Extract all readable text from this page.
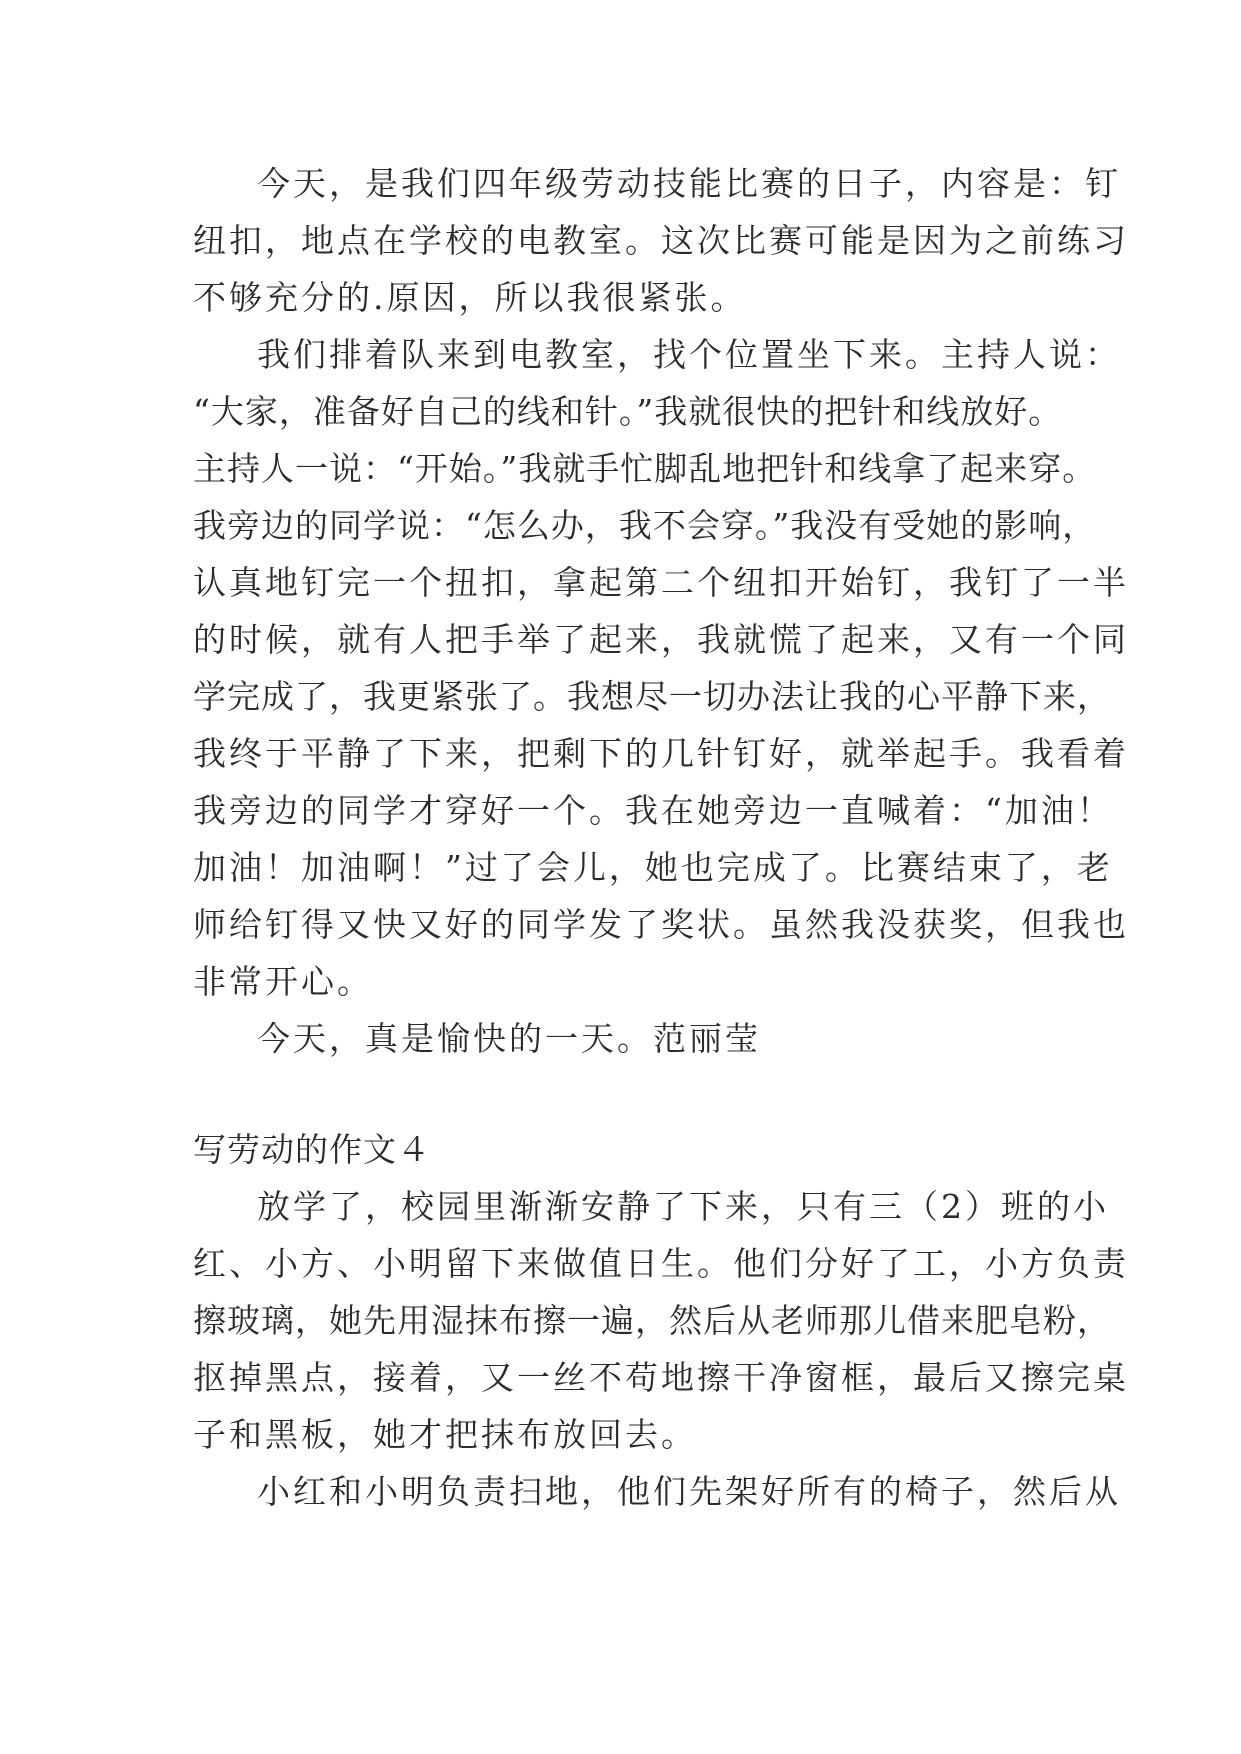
今天，是我们四年级劳动技能比赛的日子，内容是：钉
纽扣，地点在学校的电教室。这次比赛可能是因为之前练习
不够充分的.原因，所以我很紧张。
我们排着队来到电教室，找个位置坐下来。主持人说：
“大家，准备好自己的线和针。”我就很快的把针和线放好。
主持人一说：“开始。”我就手忙脚乱地把针和线拿了起来穿。
我旁边的同学说：“怎么办，我不会穿。”我没有受她的影响，
认真地钉完一个扭扣，拿起第二个纽扣开始钉，我钉了一半
的时候，就有人把手举了起来，我就慌了起来，又有一个同
学完成了，我更紧张了。我想尽一切办法让我的心平静下来，
我终于平静了下来，把剩下的几针钉好，就举起手。我看着
我旁边的同学才穿好一个。我在她旁边一直喊着：“加油！
加油！加油啊！”过了会儿，她也完成了。比赛结束了，老
师给钉得又快又好的同学发了奖状。虽然我没获奖，但我也
非常开心。
今天，真是愉快的一天。范丽莹
写劳动的作文４
放学了，校园里渐渐安静了下来，只有三（2）班的小
红、小方、小明留下来做值日生。他们分好了工，小方负责
擦玻璃，她先用湿抹布擦一遍，然后从老师那儿借来肥皂粉，
抠掉黑点，接着，又一丝不苟地擦干净窗框，最后又擦完桌
子和黑板，她才把抹布放回去。
小红和小明负责扫地，他们先架好所有的椅子，然后从
